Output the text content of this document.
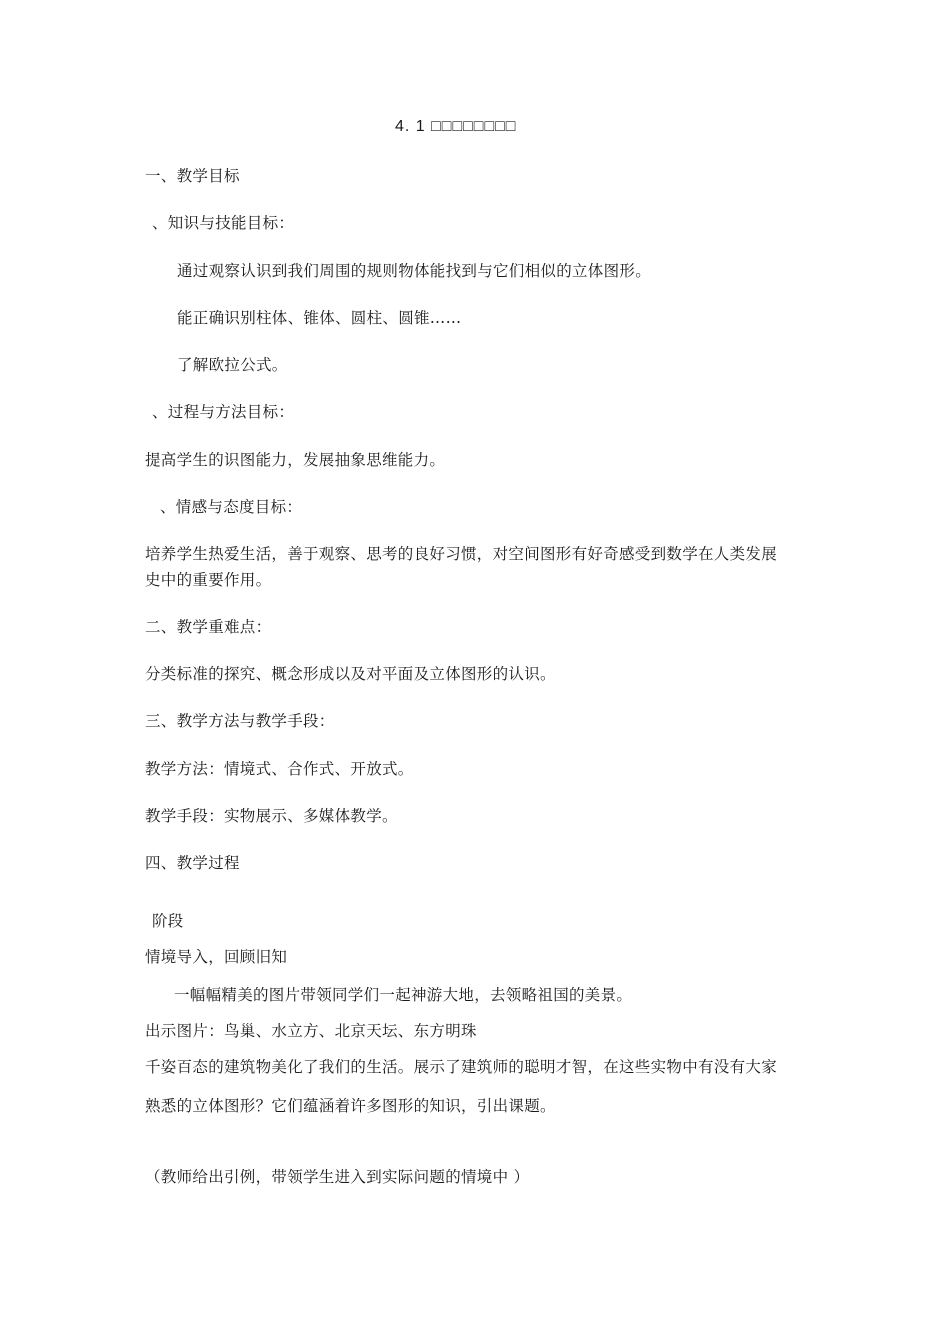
4. 1 □□□□□□□□
一、教学目标
、知识与技能目标：
通过观察认识到我们周围的规则物体能找到与它们相似的立体图形。
能正确识别柱体、锥体、圆柱、圆锥……
了解欧拉公式。
、过程与方法目标：
提高学生的识图能力，发展抽象思维能力。
、情感与态度目标：
培养学生热爱生活，善于观察、思考的良好习惯，对空间图形有好奇感受到数学在人类发展
史中的重要作用。
二、教学重难点：
分类标准的探究、概念形成以及对平面及立体图形的认识。
三、教学方法与教学手段：
教学方法：情境式、合作式、开放式。
教学手段：实物展示、多媒体教学。
四、教学过程
阶段
情境导入，回顾旧知
一幅幅精美的图片带领同学们一起神游大地，去领略祖国的美景。
出示图片：鸟巢、水立方、北京天坛、东方明珠
千姿百态的建筑物美化了我们的生活。展示了建筑师的聪明才智，在这些实物中有没有大家
熟悉的立体图形？它们蕴涵着许多图形的知识，引出课题。
（教师给出引例，带领学生进入到实际问题的情境中 ）
